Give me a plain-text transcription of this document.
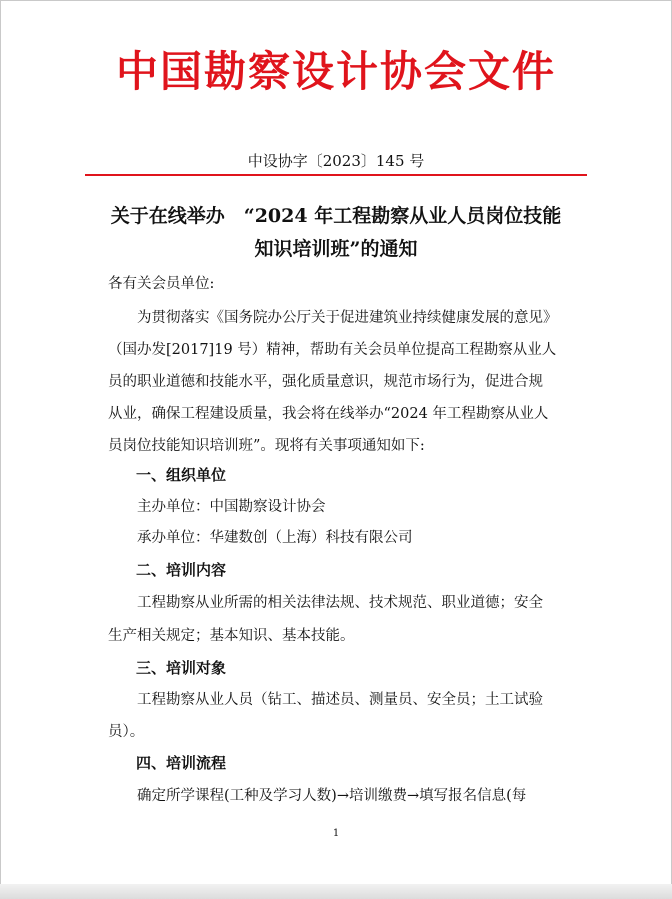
中国勘察设计协会文件
中设协字〔2023〕145 号
关于在线举办　“2024 年工程勘察从业人员岗位技能
知识培训班”的通知
各有关会员单位:
为贯彻落实《国务院办公厅关于促进建筑业持续健康发展的意见》
（国办发[2017]19 号）精神，帮助有关会员单位提高工程勘察从业人
员的职业道德和技能水平，强化质量意识，规范市场行为，促进合规
从业，确保工程建设质量，我会将在线举办“2024 年工程勘察从业人
员岗位技能知识培训班”。现将有关事项通知如下:
一、组织单位
主办单位：中国勘察设计协会
承办单位：华建数创（上海）科技有限公司
二、培训内容
工程勘察从业所需的相关法律法规、技术规范、职业道德；安全
生产相关规定；基本知识、基本技能。
三、培训对象
工程勘察从业人员（钻工、描述员、测量员、安全员；土工试验
员）。
四、培训流程
确定所学课程(工种及学习人数)→培训缴费→填写报名信息(每
1
